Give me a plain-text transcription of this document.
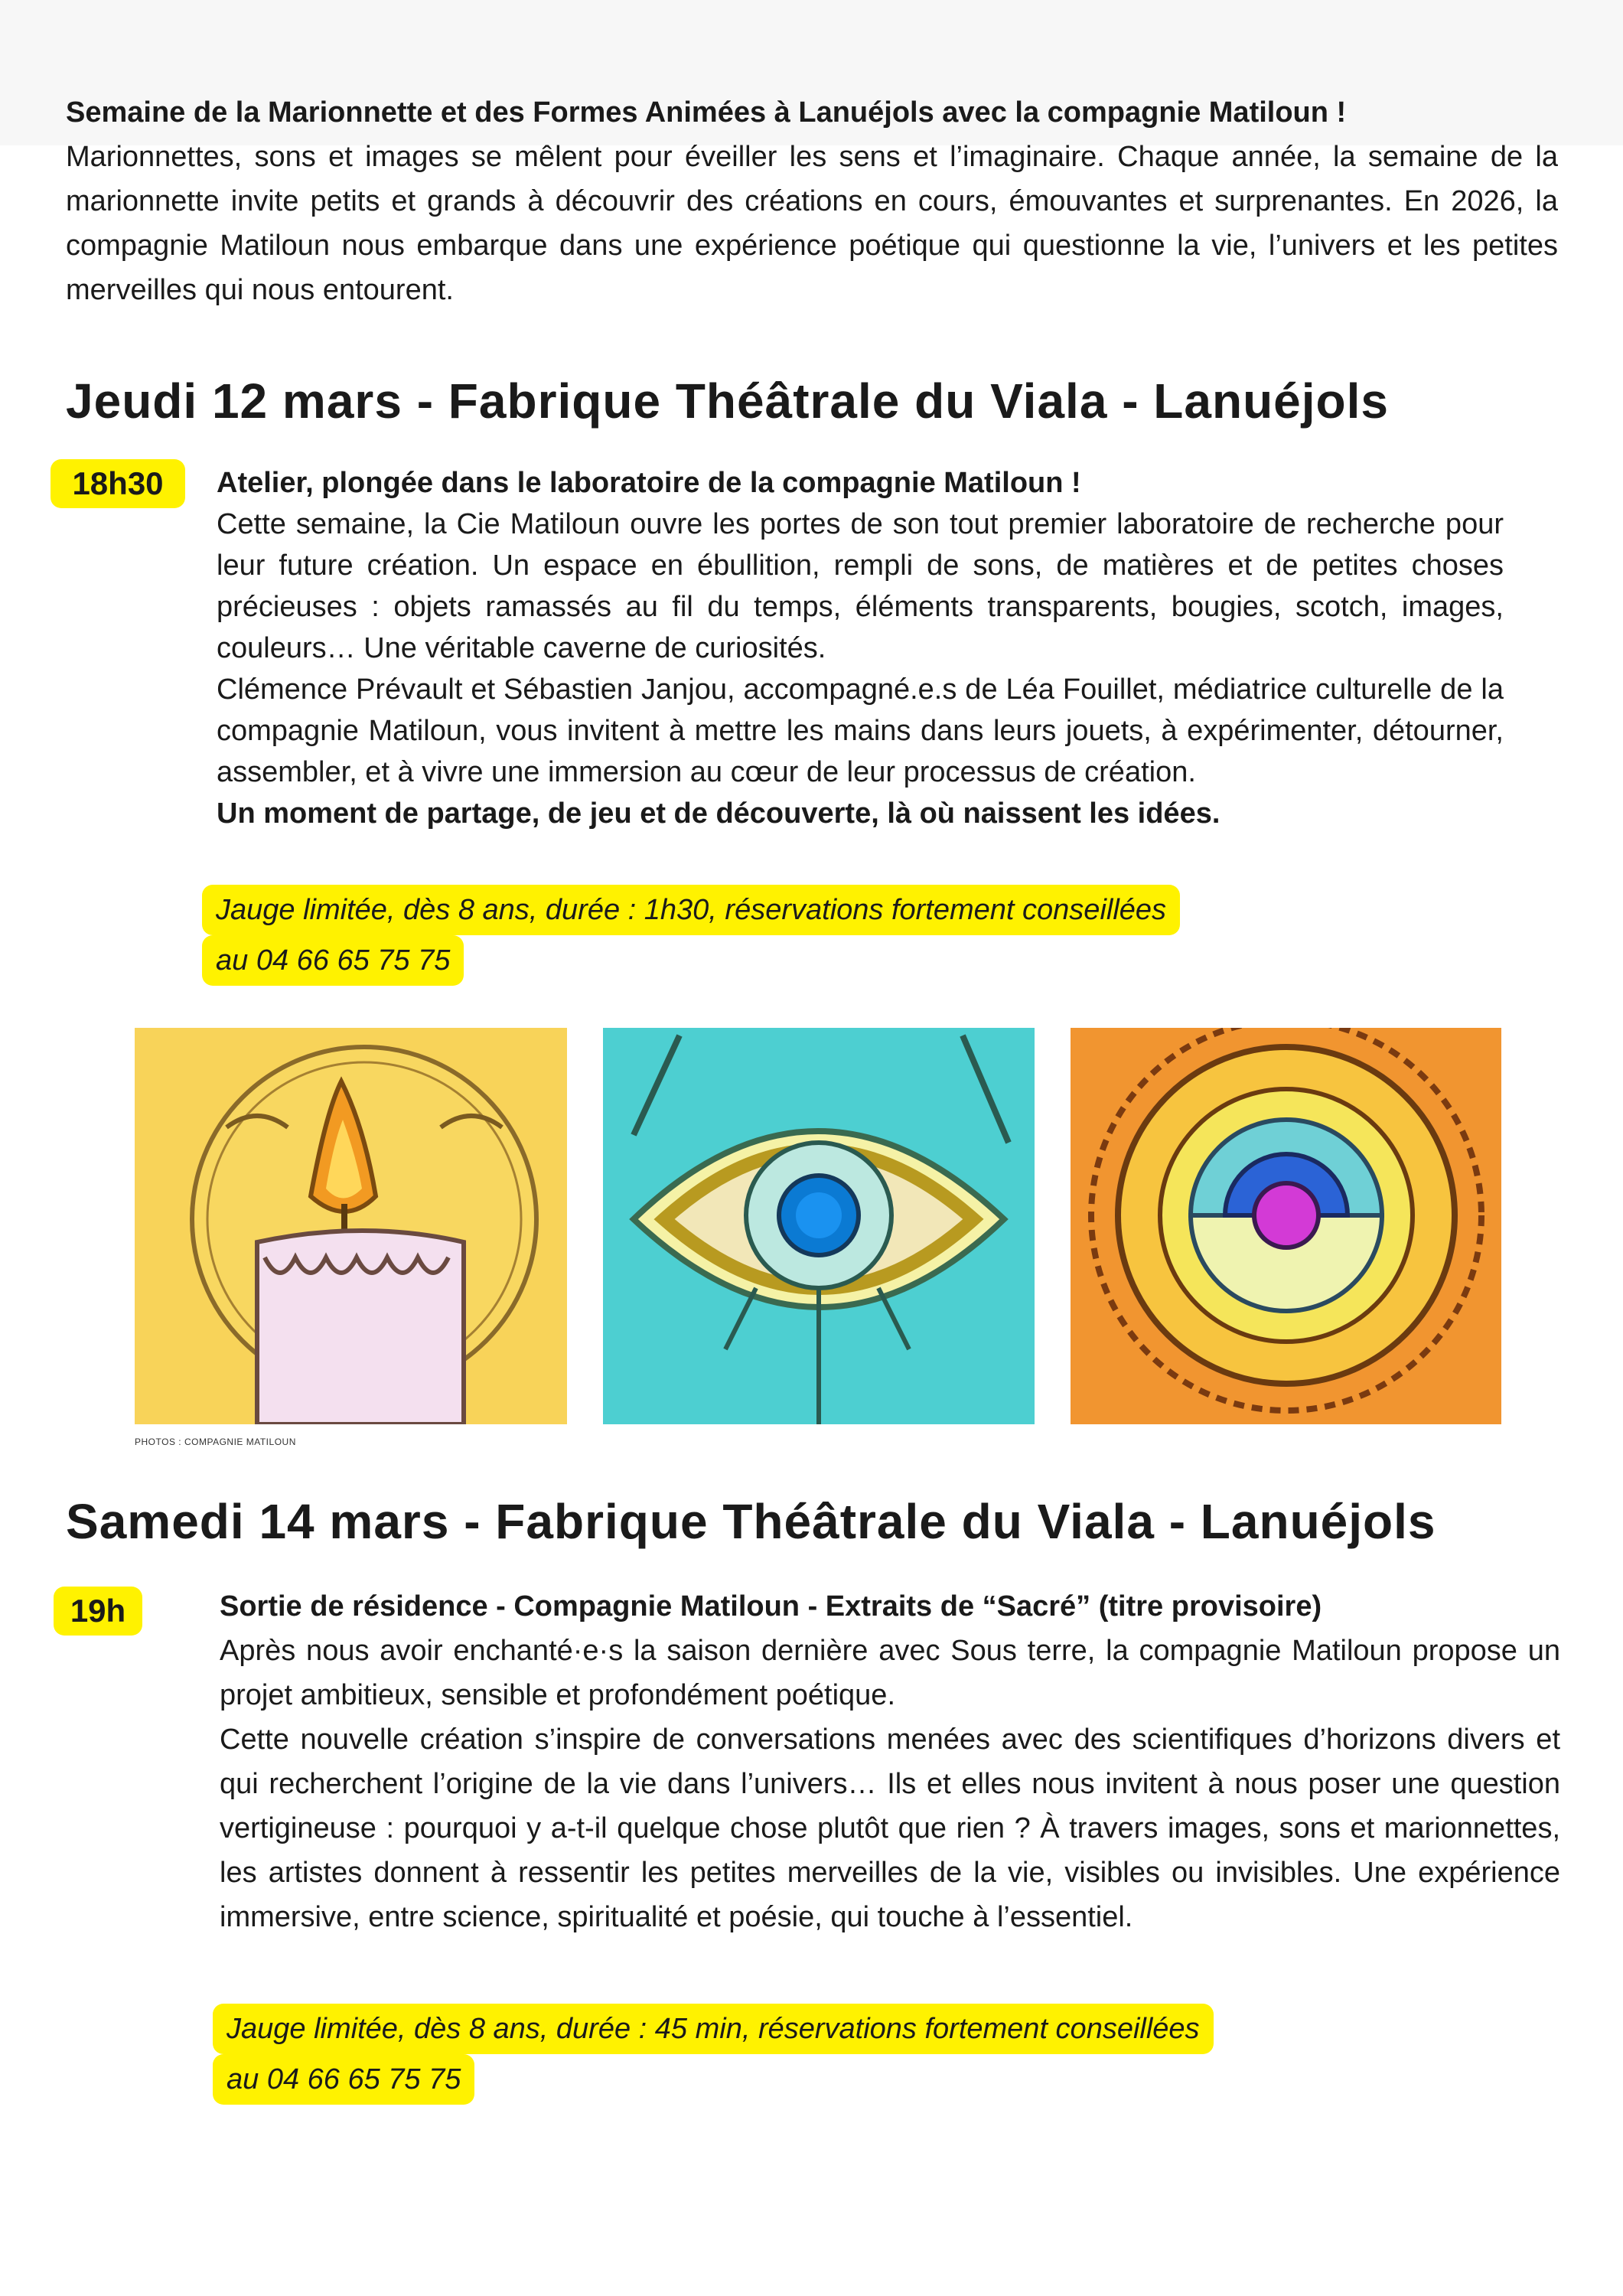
Semaine de la Marionnette et des Formes Animées à Lanuéjols avec la compagnie Matiloun !
Marionnettes, sons et images se mêlent pour éveiller les sens et l’imaginaire. Chaque année, la semaine de la marionnette invite petits et grands à découvrir des créations en cours, émouvantes et surprenantes. En 2026, la compagnie Matiloun nous embarque dans une expérience poétique qui questionne la vie, l’univers et les petites merveilles qui nous entourent.
Jeudi 12 mars - Fabrique Théâtrale du Viala - Lanuéjols
18h30	Atelier, plongée dans le laboratoire de la compagnie Matiloun !
Cette semaine, la Cie Matiloun ouvre les portes de son tout premier laboratoire de recherche pour leur future création. Un espace en ébullition, rempli de sons, de matières et de petites choses précieuses : objets ramassés au fil du temps, éléments transparents, bougies, scotch, images, couleurs… Une véritable caverne de curiosités.
Clémence Prévault et Sébastien Janjou, accompagné.e.s de Léa Fouillet, médiatrice culturelle de la compagnie Matiloun, vous invitent à mettre les mains dans leurs jouets, à expérimenter, détourner, assembler, et à vivre une immersion au cœur de leur processus de création.
Un moment de partage, de jeu et de découverte, là où naissent les idées.
Jauge limitée, dès 8 ans, durée : 1h30, réservations fortement conseillées
au 04 66 65 75 75
PHOTOS : COMPAGNIE MATILOUN
Samedi 14 mars - Fabrique Théâtrale du Viala - Lanuéjols
19h	Sortie de résidence - Compagnie Matiloun - Extraits de “Sacré” (titre provisoire)
Après nous avoir enchanté·e·s la saison dernière avec Sous terre, la compagnie Matiloun propose un projet ambitieux, sensible et profondément poétique.
Cette nouvelle création s’inspire de conversations menées avec des scientifiques d’horizons divers et qui recherchent l’origine de la vie dans l’univers… Ils et elles nous invitent à nous poser une question vertigineuse : pourquoi y a-t-il quelque chose plutôt que rien ? À travers images, sons et marionnettes, les artistes donnent à ressentir les petites merveilles de la vie, visibles ou invisibles. Une expérience immersive, entre science, spiritualité et poésie, qui touche à l’essentiel.
Jauge limitée, dès 8 ans, durée : 45 min, réservations fortement conseillées
au 04 66 65 75 75
